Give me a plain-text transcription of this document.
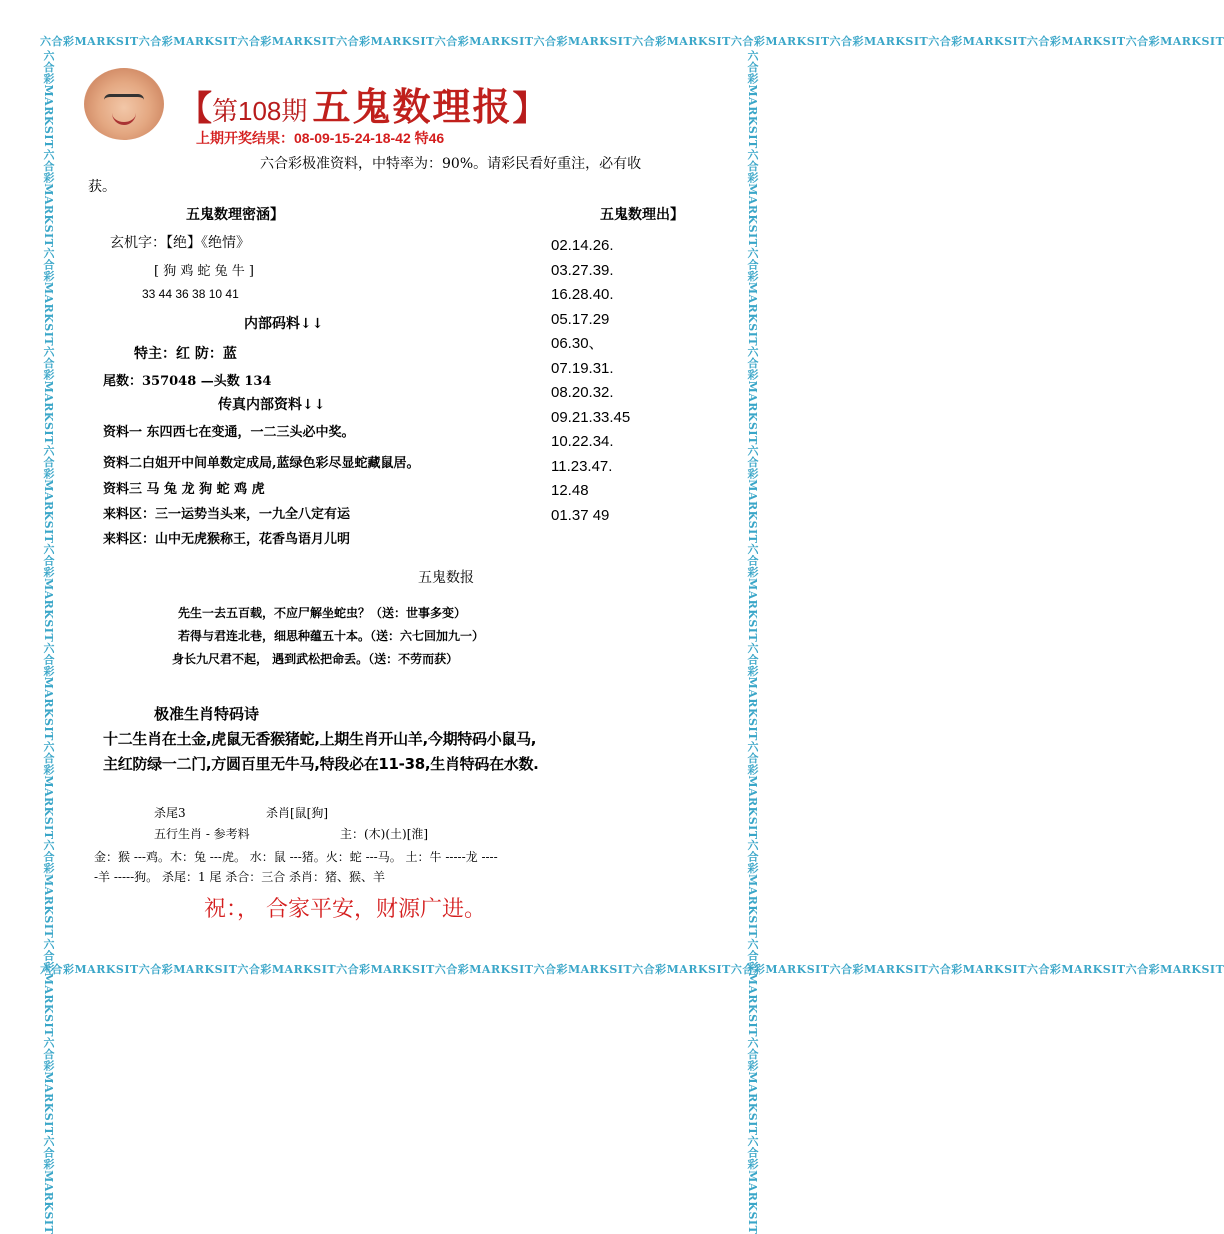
六合彩MARKSIT六合彩MARKSIT六合彩MARKSIT六合彩MARKSIT六合彩MARKSIT六合彩MARKSIT六合彩MARKSIT六合彩MARKSIT六合彩MARKSIT六合彩MARKSIT六合彩MARKSIT六合彩MARKSIT
六合彩MARKSIT六合彩MARKSIT六合彩MARKSIT六合彩MARKSIT六合彩MARKSIT六合彩MARKSIT六合彩MARKSIT六合彩MARKSIT六合彩MARKSIT六合彩MARKSIT六合彩MARKSIT六合彩MARKSIT
六合彩MARKSIT六合彩MARKSIT六合彩MARKSIT六合彩MARKSIT六合彩MARKSIT六合彩MARKSIT六合彩MARKSIT六合彩MARKSIT六合彩MARKSIT六合彩MARKSIT六合彩MARKSIT六合彩MARKSIT	六合彩MARKSIT六合彩MARKSIT六合彩MARKSIT六合彩MARKSIT六合彩MARKSIT六合彩MARKSIT六合彩MARKSIT六合彩MARKSIT六合彩MARKSIT六合彩MARKSIT六合彩MARKSIT六合彩MARKSIT
【第108期 五鬼数理报】
上期开奖结果：08-09-15-24-18-42 特46
六合彩极准资料，中特率为：90%。请彩民看好重注，必有收
获。
五鬼数理密涵】
玄机字：【绝】《绝情》
[ 狗 鸡 蛇 兔 牛 ]
33 44 36 38 10 41
内部码料↓↓
特主：红 防：蓝
尾数：357048 —头数 134
传真内部资料↓↓
资料一 东四西七在变通，一二三头必中奖。
资料二白姐开中间单数定成局,蓝绿色彩尽显蛇藏鼠居。
资料三 马 兔 龙 狗 蛇 鸡 虎
来料区：三一运势当头来，一九全八定有运
来料区：山中无虎猴称王，花香鸟语月儿明
五鬼数理出】
02.14.26.
03.27.39.
16.28.40.
05.17.29
06.30、
07.19.31.
08.20.32.
09.21.33.45
10.22.34.
11.23.47.
12.48
01.37 49
五鬼数报
先生一去五百载，不应尸解坐蛇虫？（送：世事多变）
若得与君连北巷，细思种蕴五十本。（送：六七回加九一）
身长九尺君不起， 遇到武松把命丢。（送：不劳而获）
极准生肖特码诗
十二生肖在土金,虎鼠无香猴猪蛇,上期生肖开山羊,今期特码小鼠马,
主红防绿一二门,方圆百里无牛马,特段必在11-38,生肖特码在水数.
杀尾3	杀肖[鼠[狗]
五行生肖 - 参考料	主：(木)(土)[淮]
金：猴 ---鸡。木：兔 ---虎。 水：鼠 ---猪。火：蛇 ---马。 土：牛 -----龙 ----
-羊 -----狗。 杀尾：1 尾 杀合：三合 杀肖：猪、猴、羊
祝：， 合家平安，财源广进。
